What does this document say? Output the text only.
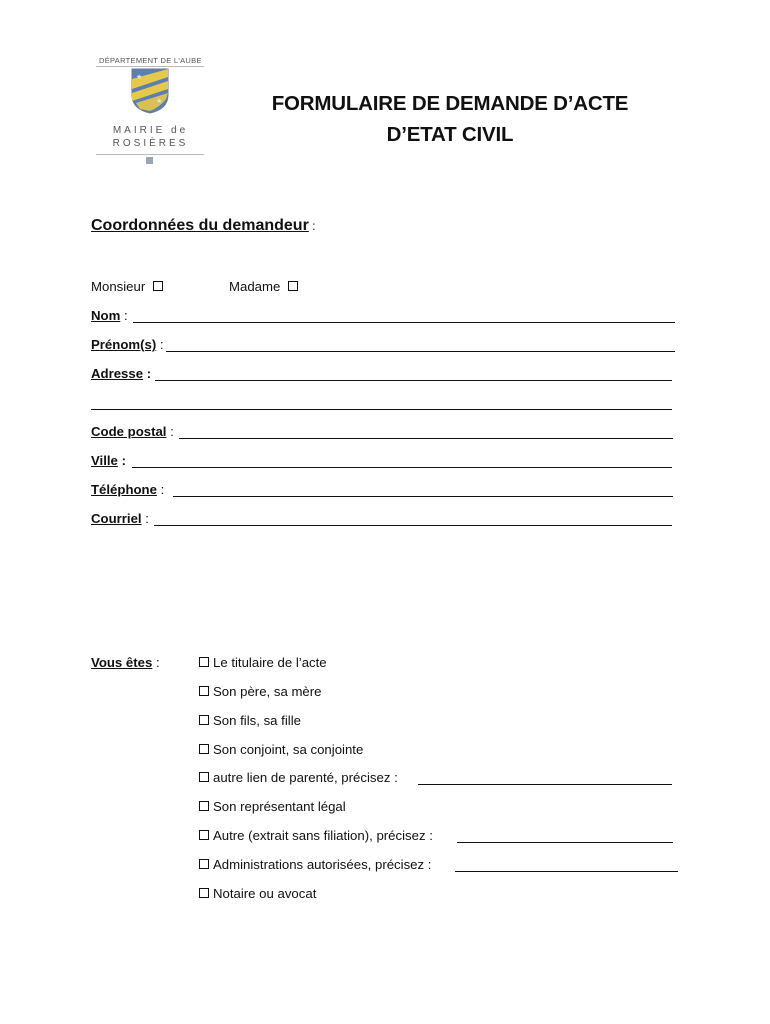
DÉPARTEMENT DE L'AUBE
★
★
MAIRIE de
ROSIÈRES
FORMULAIRE DE DEMANDE D’ACTE
D’ETAT CIVIL
Coordonnées du demandeur :
Monsieur	Madame
Nom :
Prénom(s) :
Adresse :
Code postal :
Ville :
Téléphone :
Courriel :
Vous êtes :	Le titulaire de l’acte
Son père, sa mère
Son fils, sa fille
Son conjoint, sa conjointe
autre lien de parenté, précisez :
Son représentant légal
Autre (extrait sans filiation), précisez :
Administrations autorisées, précisez :
Notaire ou avocat
